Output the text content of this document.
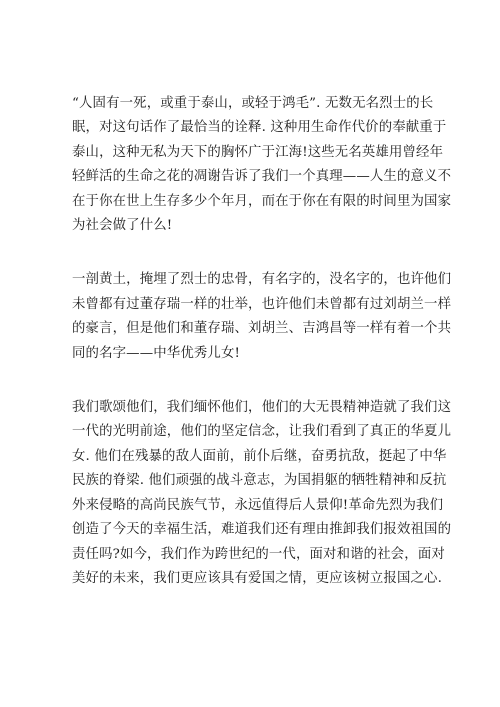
“人固有一死，或重于泰山，或轻于鸿毛”. 无数无名烈士的长
眠，对这句话作了最恰当的诠释. 这种用生命作代价的奉献重于
泰山，这种无私为天下的胸怀广于江海!这些无名英雄用曾经年
轻鲜活的生命之花的凋谢告诉了我们一个真理——人生的意义不
在于你在世上生存多少个年月，而在于你在有限的时间里为国家
为社会做了什么!

一剖黄土，掩埋了烈士的忠骨，有名字的，没名字的，也许他们
未曾都有过董存瑞一样的壮举，也许他们未曾都有过刘胡兰一样
的豪言，但是他们和董存瑞、刘胡兰、吉鸿昌等一样有着一个共
同的名字——中华优秀儿女!

我们歌颂他们，我们缅怀他们，他们的大无畏精神造就了我们这
一代的光明前途，他们的坚定信念，让我们看到了真正的华夏儿
女. 他们在残暴的敌人面前，前仆后继，奋勇抗敌，挺起了中华
民族的脊梁. 他们顽强的战斗意志，为国捐躯的牺牲精神和反抗
外来侵略的高尚民族气节，永远值得后人景仰!革命先烈为我们
创造了今天的幸福生活，难道我们还有理由推卸我们报效祖国的
责任吗?如今，我们作为跨世纪的一代，面对和谐的社会，面对
美好的未来，我们更应该具有爱国之情，更应该树立报国之心.
